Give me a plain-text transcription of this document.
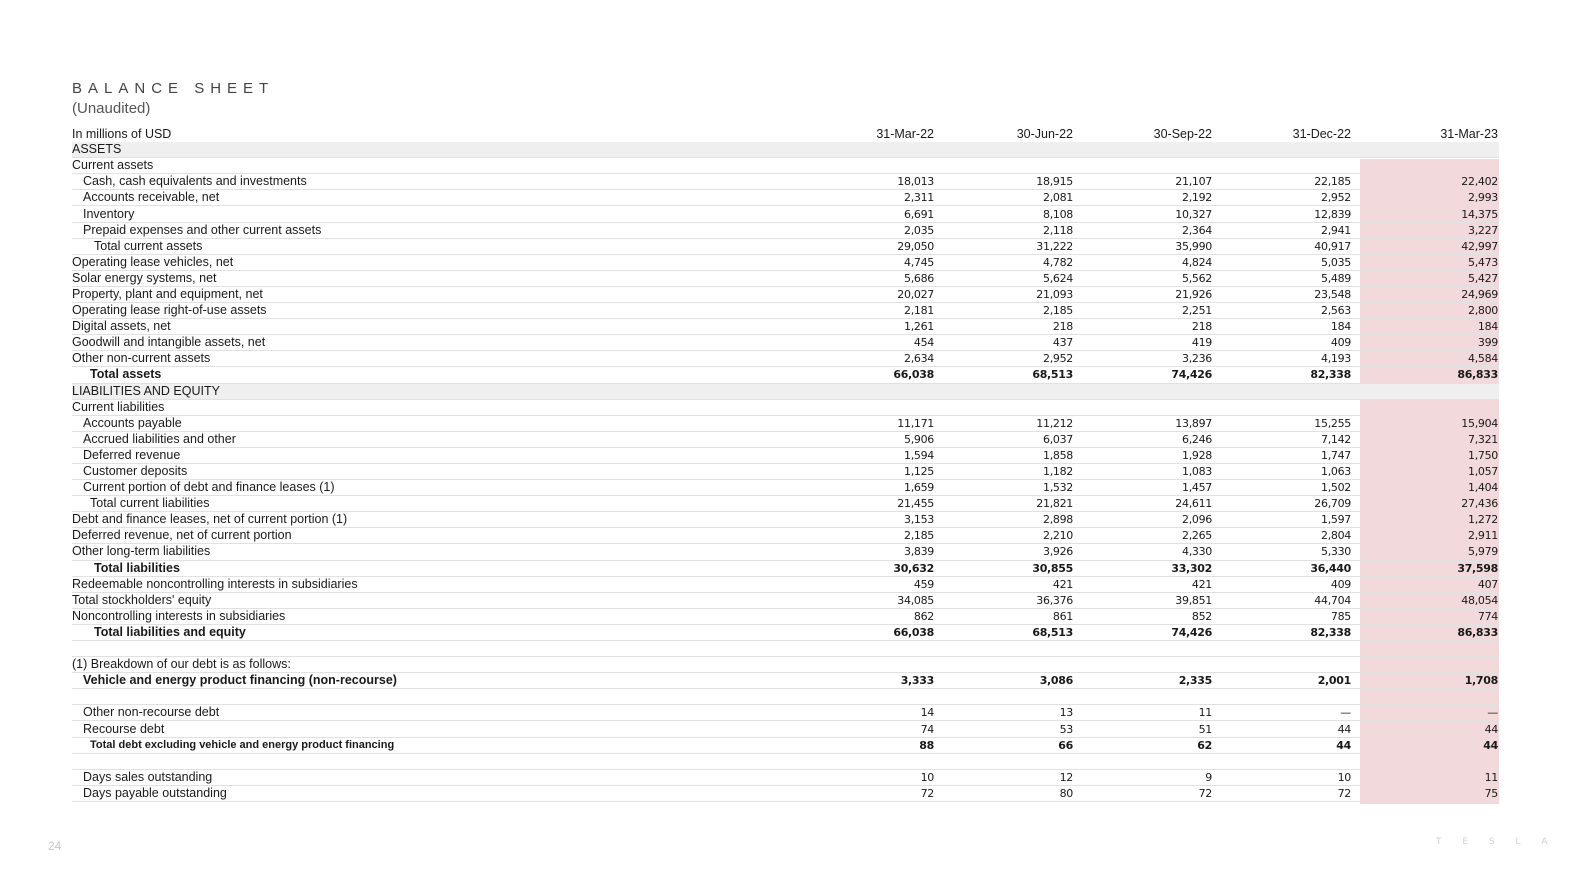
BALANCE SHEET
(Unaudited)
In millions of USD	31-Mar-22	30-Jun-22	30-Sep-22	31-Dec-22	31-Mar-23
ASSETS					
Current assets					
Cash, cash equivalents and investments	18,013	18,915	21,107	22,185	22,402
Accounts receivable, net	2,311	2,081	2,192	2,952	2,993
Inventory	6,691	8,108	10,327	12,839	14,375
Prepaid expenses and other current assets	2,035	2,118	2,364	2,941	3,227
Total current assets	29,050	31,222	35,990	40,917	42,997
Operating lease vehicles, net	4,745	4,782	4,824	5,035	5,473
Solar energy systems, net	5,686	5,624	5,562	5,489	5,427
Property, plant and equipment, net	20,027	21,093	21,926	23,548	24,969
Operating lease right-of-use assets	2,181	2,185	2,251	2,563	2,800
Digital assets, net	1,261	218	218	184	184
Goodwill and intangible assets, net	454	437	419	409	399
Other non-current assets	2,634	2,952	3,236	4,193	4,584
Total assets	66,038	68,513	74,426	82,338	86,833
LIABILITIES AND EQUITY					
Current liabilities					
Accounts payable	11,171	11,212	13,897	15,255	15,904
Accrued liabilities and other	5,906	6,037	6,246	7,142	7,321
Deferred revenue	1,594	1,858	1,928	1,747	1,750
Customer deposits	1,125	1,182	1,083	1,063	1,057
Current portion of debt and finance leases (1)	1,659	1,532	1,457	1,502	1,404
Total current liabilities	21,455	21,821	24,611	26,709	27,436
Debt and finance leases, net of current portion (1)	3,153	2,898	2,096	1,597	1,272
Deferred revenue, net of current portion	2,185	2,210	2,265	2,804	2,911
Other long-term liabilities	3,839	3,926	4,330	5,330	5,979
Total liabilities	30,632	30,855	33,302	36,440	37,598
Redeemable noncontrolling interests in subsidiaries	459	421	421	409	407
Total stockholders' equity	34,085	36,376	39,851	44,704	48,054
Noncontrolling interests in subsidiaries	862	861	852	785	774
Total liabilities and equity	66,038	68,513	74,426	82,338	86,833

(1) Breakdown of our debt is as follows:					
Vehicle and energy product financing (non-recourse)	3,333	3,086	2,335	2,001	1,708

Other non-recourse debt	14	13	11	—	—
Recourse debt	74	53	51	44	44
Total debt excluding vehicle and energy product financing	88	66	62	44	44

Days sales outstanding	10	12	9	10	11
Days payable outstanding	72	80	72	72	75
24	T E S L A
